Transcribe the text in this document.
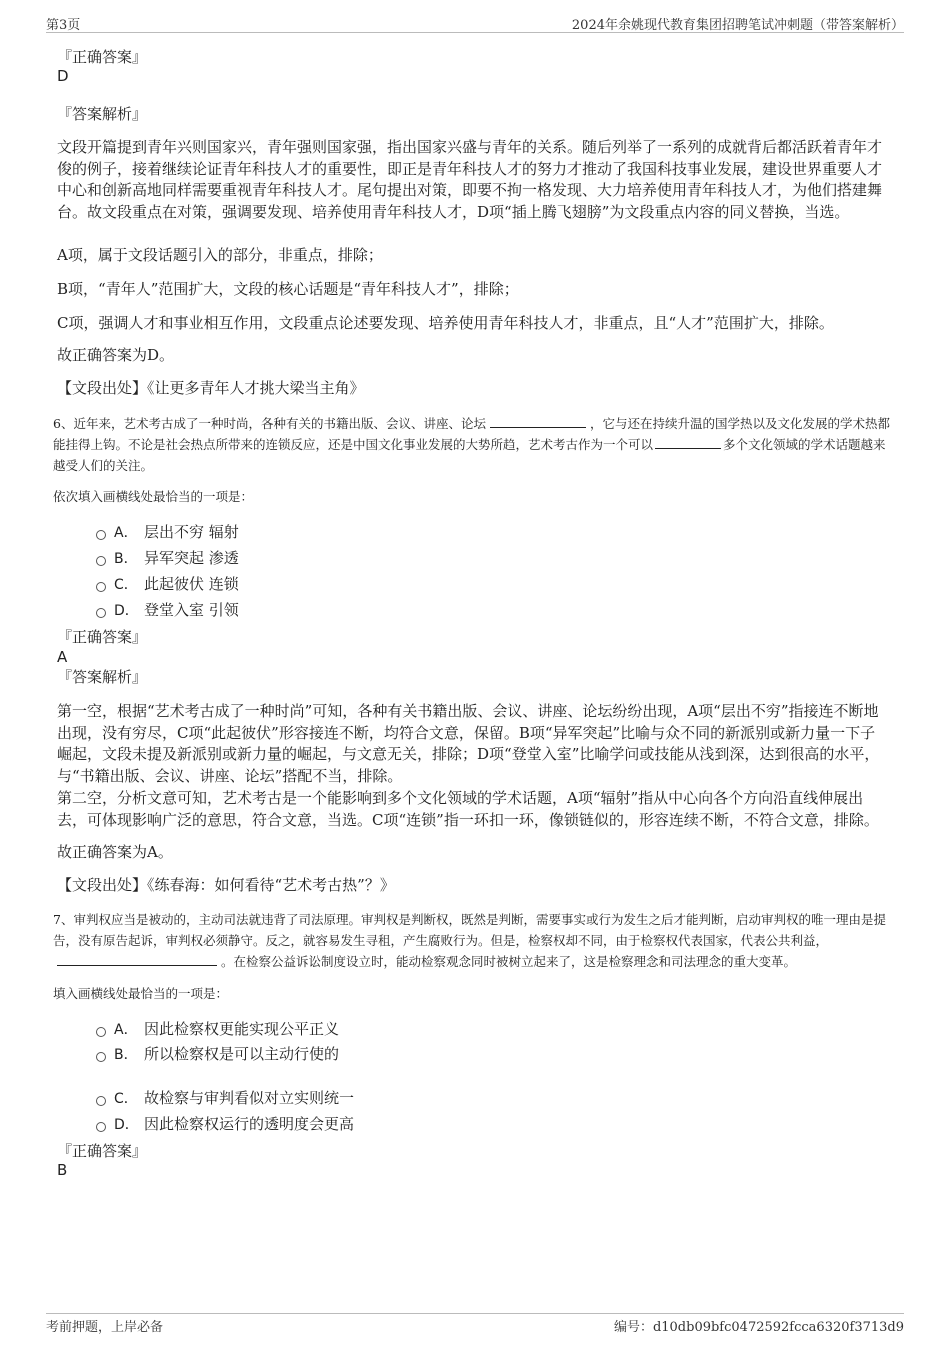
第3页	2024年余姚现代教育集团招聘笔试冲刺题（带答案解析）

『正确答案』

D

『答案解析』

文段开篇提到青年兴则国家兴，青年强则国家强，指出国家兴盛与青年的关系。随后列举了一系列的成就背后都活跃着青年才俊的例子，接着继续论证青年科技人才的重要性，即正是青年科技人才的努力才推动了我国科技事业发展，建设世界重要人才中心和创新高地同样需要重视青年科技人才。尾句提出对策，即要不拘一格发现、大力培养使用青年科技人才，为他们搭建舞台。故文段重点在对策，强调要发现、培养使用青年科技人才，D项“插上腾飞翅膀”为文段重点内容的同义替换，当选。

A项，属于文段话题引入的部分，非重点，排除；

B项，“青年人”范围扩大，文段的核心话题是“青年科技人才”，排除；

C项，强调人才和事业相互作用，文段重点论述要发现、培养使用青年科技人才，非重点，且“人才”范围扩大，排除。

故正确答案为D。

【文段出处】《让更多青年人才挑大梁当主角》

6、近年来，艺术考古成了一种时尚，各种有关的书籍出版、会议、讲座、论坛	，它与还在持续升温的国学热以及文化发展的学术热都能挂得上钩。不论是社会热点所带来的连锁反应，还是中国文化事业发展的大势所趋，艺术考古作为一个可以	多个文化领域的学术话题越来越受人们的关注。

依次填入画横线处最恰当的一项是：

A． 层出不穷 辐射
B． 异军突起 渗透
C． 此起彼伏 连锁
D． 登堂入室 引领

『正确答案』

A

『答案解析』

第一空，根据“艺术考古成了一种时尚”可知，各种有关书籍出版、会议、讲座、论坛纷纷出现，A项“层出不穷”指接连不断地出现，没有穷尽，C项“此起彼伏”形容接连不断，均符合文意，保留。B项“异军突起”比喻与众不同的新派别或新力量一下子崛起，文段未提及新派别或新力量的崛起，与文意无关，排除；D项“登堂入室”比喻学问或技能从浅到深，达到很高的水平，与“书籍出版、会议、讲座、论坛”搭配不当，排除。

第二空，分析文意可知，艺术考古是一个能影响到多个文化领域的学术话题，A项“辐射”指从中心向各个方向沿直线伸展出去，可体现影响广泛的意思，符合文意，当选。C项“连锁”指一环扣一环，像锁链似的，形容连续不断，不符合文意，排除。

故正确答案为A。

【文段出处】《练春海：如何看待“艺术考古热”？》

7、审判权应当是被动的，主动司法就违背了司法原理。审判权是判断权，既然是判断，需要事实或行为发生之后才能判断，启动审判权的唯一理由是提告，没有原告起诉，审判权必须静守。反之，就容易发生寻租，产生腐败行为。但是，检察权却不同，由于检察权代表国家，代表公共利益，。在检察公益诉讼制度设立时，能动检察观念同时被树立起来了，这是检察理念和司法理念的重大变革。

填入画横线处最恰当的一项是：

A． 因此检察权更能实现公平正义
B． 所以检察权是可以主动行使的
C． 故检察与审判看似对立实则统一
D． 因此检察权运行的透明度会更高

『正确答案』

B

考前押题，上岸必备	编号：d10db09bfc0472592fcca6320f3713d9
